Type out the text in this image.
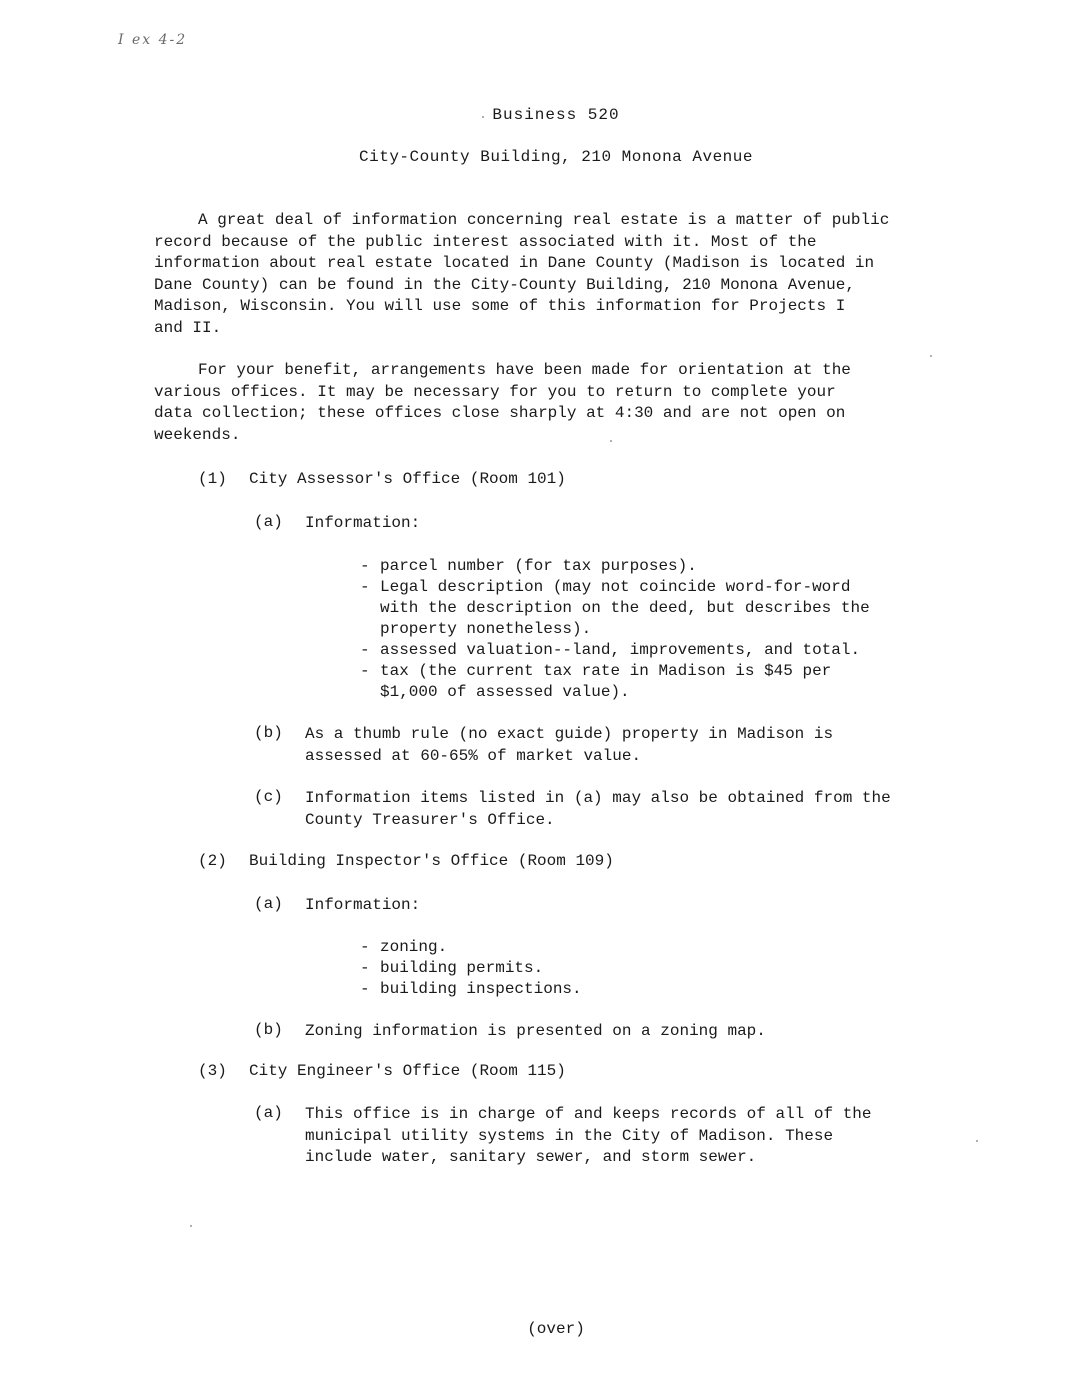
I ex 4-2
Business 520
City-County Building, 210 Monona Avenue
A great deal of information concerning real estate is a matter of public
record because of the public interest associated with it. Most of the
information about real estate located in Dane County (Madison is located in
Dane County) can be found in the City-County Building, 210 Monona Avenue,
Madison, Wisconsin. You will use some of this information for Projects I
and II.
For your benefit, arrangements have been made for orientation at the
various offices. It may be necessary for you to return to complete your
data collection; these offices close sharply at 4:30 and are not open on
weekends.
(1) City Assessor's Office (Room 101)
(a) Information:
- parcel number (for tax purposes).
- Legal description (may not coincide word-for-word
with the description on the deed, but describes the
property nonetheless).
- assessed valuation--land, improvements, and total.
- tax (the current tax rate in Madison is $45 per
$1,000 of assessed value).
(b) As a thumb rule (no exact guide) property in Madison is
assessed at 60-65% of market value.
(c) Information items listed in (a) may also be obtained from the
County Treasurer's Office.
(2) Building Inspector's Office (Room 109)
(a) Information:
- zoning.
- building permits.
- building inspections.
(b) Zoning information is presented on a zoning map.
(3) City Engineer's Office (Room 115)
(a) This office is in charge of and keeps records of all of the
municipal utility systems in the City of Madison. These
include water, sanitary sewer, and storm sewer.
(over)
